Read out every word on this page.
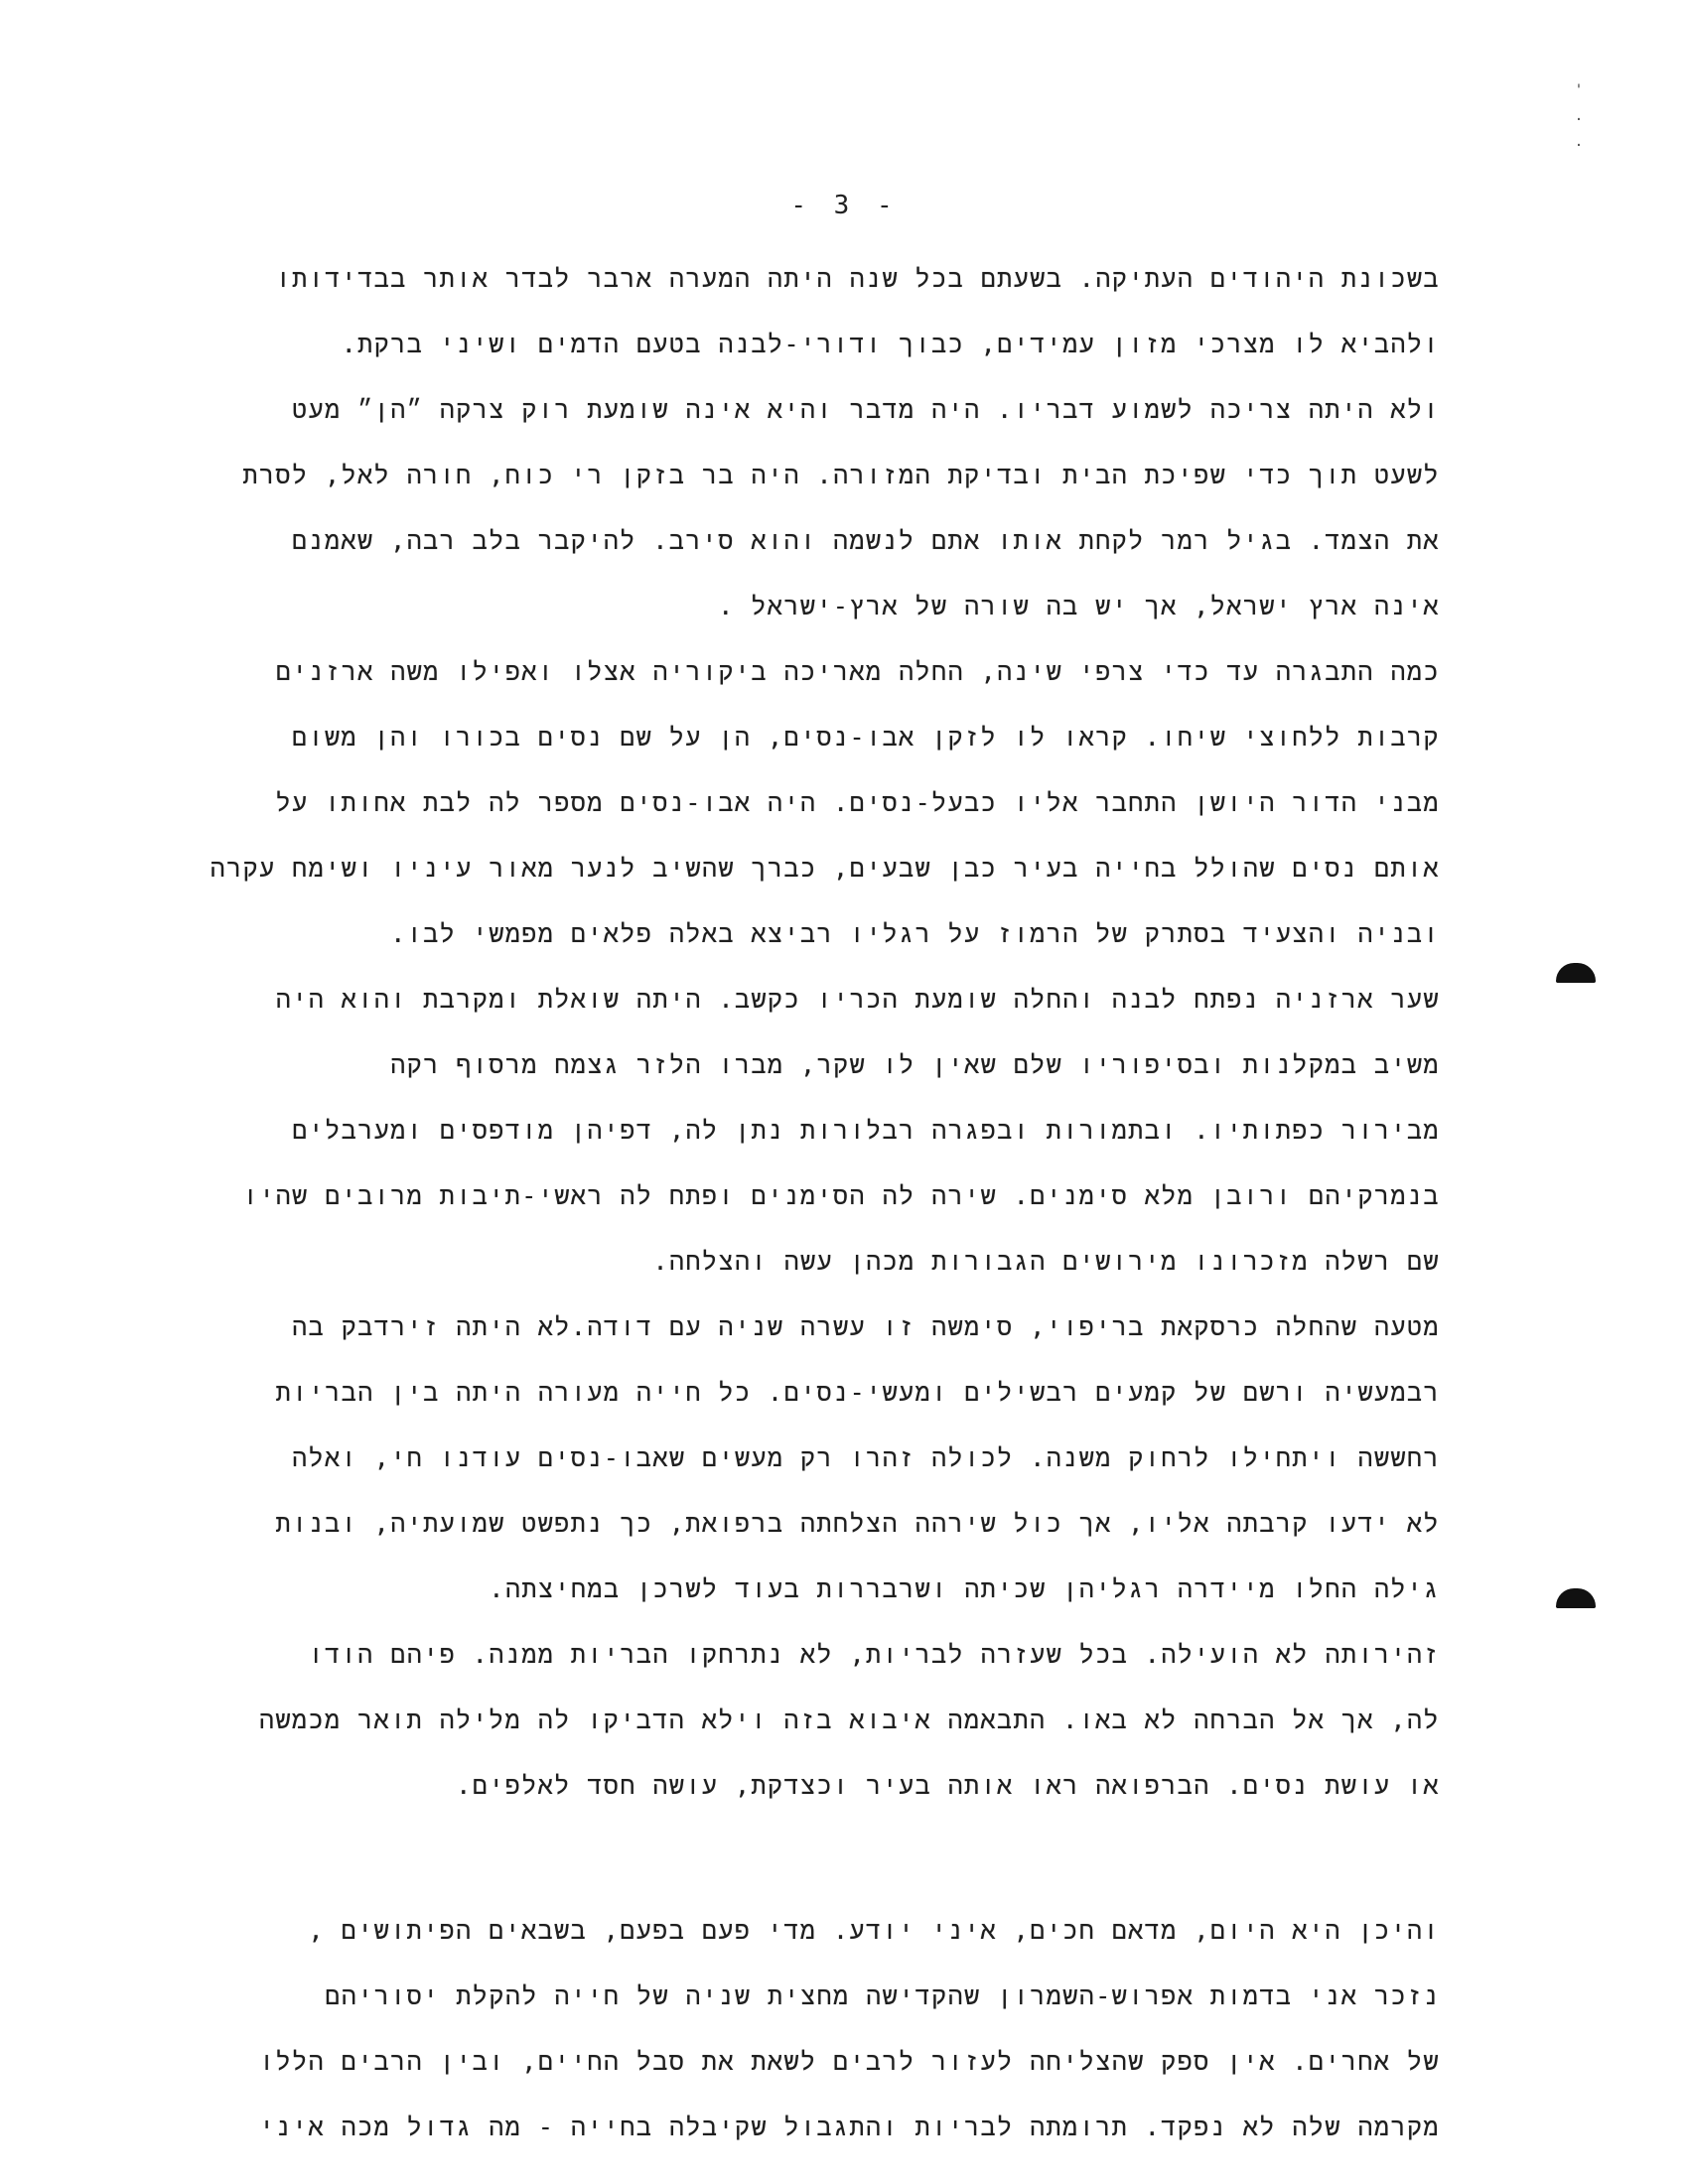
'
.
.
- 3 -
בשכונת היהודים העתיקה. בשעתם בכל שנה היתה המערה ארבר לבדר אותר בבדידותו
ולהביא לו מצרכי מזון עמידים, כבוך ודורי-לבנה בטעם הדמים ושיני ברקת.
ולא היתה צריכה לשמוע דבריו. היה מדבר והיא אינה שומעת רוק צרקה ״הן״ מעט
לשעט תוך כדי שפיכת הבית ובדיקת המזורה. היה בר בזקן רי כוח, חורה לאל, לסרת
את הצמד. בגיל רמר לקחת אותו אתם לנשמה והוא סירב. להיקבר בלב רבה, שאמנם
אינה ארץ ישראל, אך יש בה שורה של ארץ-ישראל .
כמה התבגרה עד כדי צרפי שינה, החלה מאריכה ביקוריה אצלו ואפילו משה ארזנים
קרבות ללחוצי שיחו. קראו לו לזקן אבו-נסים, הן על שם נסים בכורו והן משום
מבני הדור היושן התחבר אליו כבעל-נסים. היה אבו-נסים מספר לה לבת אחותו על
אותם נסים שהולל בחייה בעיר כבן שבעים, כברך שהשיב לנער מאור עיניו ושימח עקרה
ובניה והצעיד בסתרק של הרמוז על רגליו רביצא באלה פלאים מפמשי לבו.
שער ארזניה נפתח לבנה והחלה שומעת הכריו כקשב. היתה שואלת ומקרבת והוא היה
משיב במקלנות ובסיפוריו שלם שאין לו שקר, מברו הלזר גצמח מרסוף רקה
מבירור כפתותיו. ובתמורות ובפגרה רבלורות נתן לה, דפיהן מודפסים ומערבלים
בנמרקיהם ורובן מלא סימנים. שירה לה הסימנים ופתח לה ראשי-תיבות מרובים שהיו
שם רשלה מזכרונו מירושים הגבורות מכהן עשה והצלחה.
מטעה שהחלה כרסקאת בריפוי, סימשה זו עשרה שניה עם דודה.לא היתה זירדבק בה
רבמעשיה ורשם של קמעים רבשילים ומעשי-נסים. כל חייה מעורה היתה בין הבריות
רחששה ויתחילו לרחוק משנה. לכולה זהרו רק מעשים שאבו-נסים עודנו חי, ואלה
לא ידעו קרבתה אליו, אך כול שירהה הצלחתה ברפואת, כך נתפשט שמועתיה, ובנות
גילה החלו מיידרה רגליהן שכיתה ושרבררות בעוד לשרכן במחיצתה.
זהירותה לא הועילה. בכל שעזרה לבריות, לא נתרחקו הבריות ממנה. פיהם הודו
לה, אך אל הברחה לא באו. התבאמה איבוא בזה וילא הדביקו לה מלילה תואר מכמשה
או עושת נסים. הברפואה ראו אותה בעיר וכצדקת, עושה חסד לאלפים.
והיכן היא היום, מדאם חכים, איני יודע. מדי פעם בפעם, בשבאים הפיתושים ,
נזכר אני בדמות אפרוש-השמרון שהקדישה מחצית שניה של חייה להקלת יסוריהם
של אחרים. אין ספק שהצליחה לעזור לרבים לשאת את סבל החיים, ובין הרבים הללו
מקרמה שלה לא נפקד. תרומתה לבריות והתגבול שקיבלה בחייה - מה גדול מכה איני
